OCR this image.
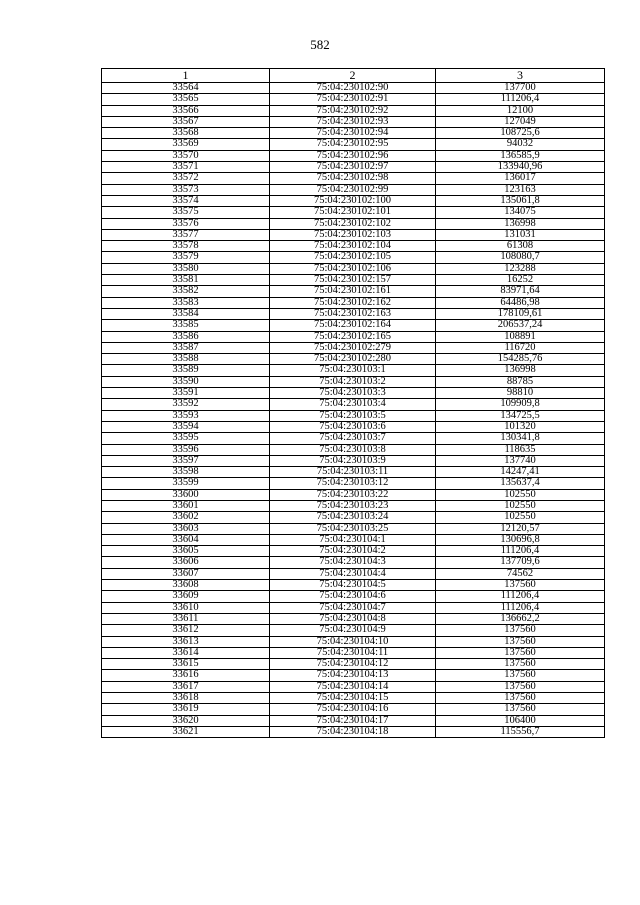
582
1	2	3
33564	75:04:230102:90	137700
33565	75:04:230102:91	111206,4
33566	75:04:230102:92	12100
33567	75:04:230102:93	127049
33568	75:04:230102:94	108725,6
33569	75:04:230102:95	94032
33570	75:04:230102:96	136585,9
33571	75:04:230102:97	133940,96
33572	75:04:230102:98	136017
33573	75:04:230102:99	123163
33574	75:04:230102:100	135061,8
33575	75:04:230102:101	134075
33576	75:04:230102:102	136998
33577	75:04:230102:103	131031
33578	75:04:230102:104	61308
33579	75:04:230102:105	108080,7
33580	75:04:230102:106	123288
33581	75:04:230102:157	16252
33582	75:04:230102:161	83971,64
33583	75:04:230102:162	64486,98
33584	75:04:230102:163	178109,61
33585	75:04:230102:164	206537,24
33586	75:04:230102:165	108891
33587	75:04:230102:279	116720
33588	75:04:230102:280	154285,76
33589	75:04:230103:1	136998
33590	75:04:230103:2	88785
33591	75:04:230103:3	98810
33592	75:04:230103:4	109909,8
33593	75:04:230103:5	134725,5
33594	75:04:230103:6	101320
33595	75:04:230103:7	130341,8
33596	75:04:230103:8	118635
33597	75:04:230103:9	137740
33598	75:04:230103:11	14247,41
33599	75:04:230103:12	135637,4
33600	75:04:230103:22	102550
33601	75:04:230103:23	102550
33602	75:04:230103:24	102550
33603	75:04:230103:25	12120,57
33604	75:04:230104:1	130696,8
33605	75:04:230104:2	111206,4
33606	75:04:230104:3	137709,6
33607	75:04:230104:4	74562
33608	75:04:230104:5	137560
33609	75:04:230104:6	111206,4
33610	75:04:230104:7	111206,4
33611	75:04:230104:8	136662,2
33612	75:04:230104:9	137560
33613	75:04:230104:10	137560
33614	75:04:230104:11	137560
33615	75:04:230104:12	137560
33616	75:04:230104:13	137560
33617	75:04:230104:14	137560
33618	75:04:230104:15	137560
33619	75:04:230104:16	137560
33620	75:04:230104:17	106400
33621	75:04:230104:18	115556,7
